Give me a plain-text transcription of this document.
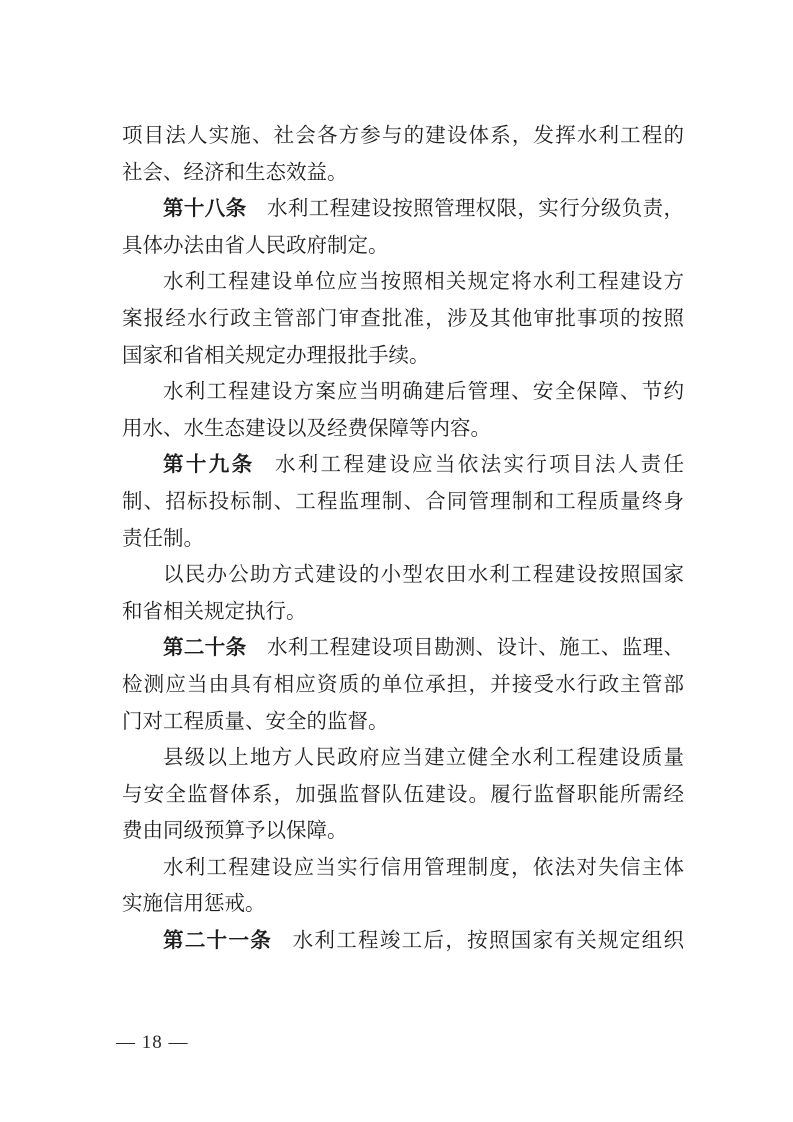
项目法人实施、社会各方参与的建设体系，发挥水利工程的
社会、经济和生态效益。
第十八条 水利工程建设按照管理权限，实行分级负责，
具体办法由省人民政府制定。
水利工程建设单位应当按照相关规定将水利工程建设方
案报经水行政主管部门审查批准，涉及其他审批事项的按照
国家和省相关规定办理报批手续。
水利工程建设方案应当明确建后管理、安全保障、节约
用水、水生态建设以及经费保障等内容。
第十九条 水利工程建设应当依法实行项目法人责任
制、招标投标制、工程监理制、合同管理制和工程质量终身
责任制。
以民办公助方式建设的小型农田水利工程建设按照国家
和省相关规定执行。
第二十条 水利工程建设项目勘测、设计、施工、监理、
检测应当由具有相应资质的单位承担，并接受水行政主管部
门对工程质量、安全的监督。
县级以上地方人民政府应当建立健全水利工程建设质量
与安全监督体系，加强监督队伍建设。履行监督职能所需经
费由同级预算予以保障。
水利工程建设应当实行信用管理制度，依法对失信主体
实施信用惩戒。
第二十一条 水利工程竣工后，按照国家有关规定组织
— 18 —
